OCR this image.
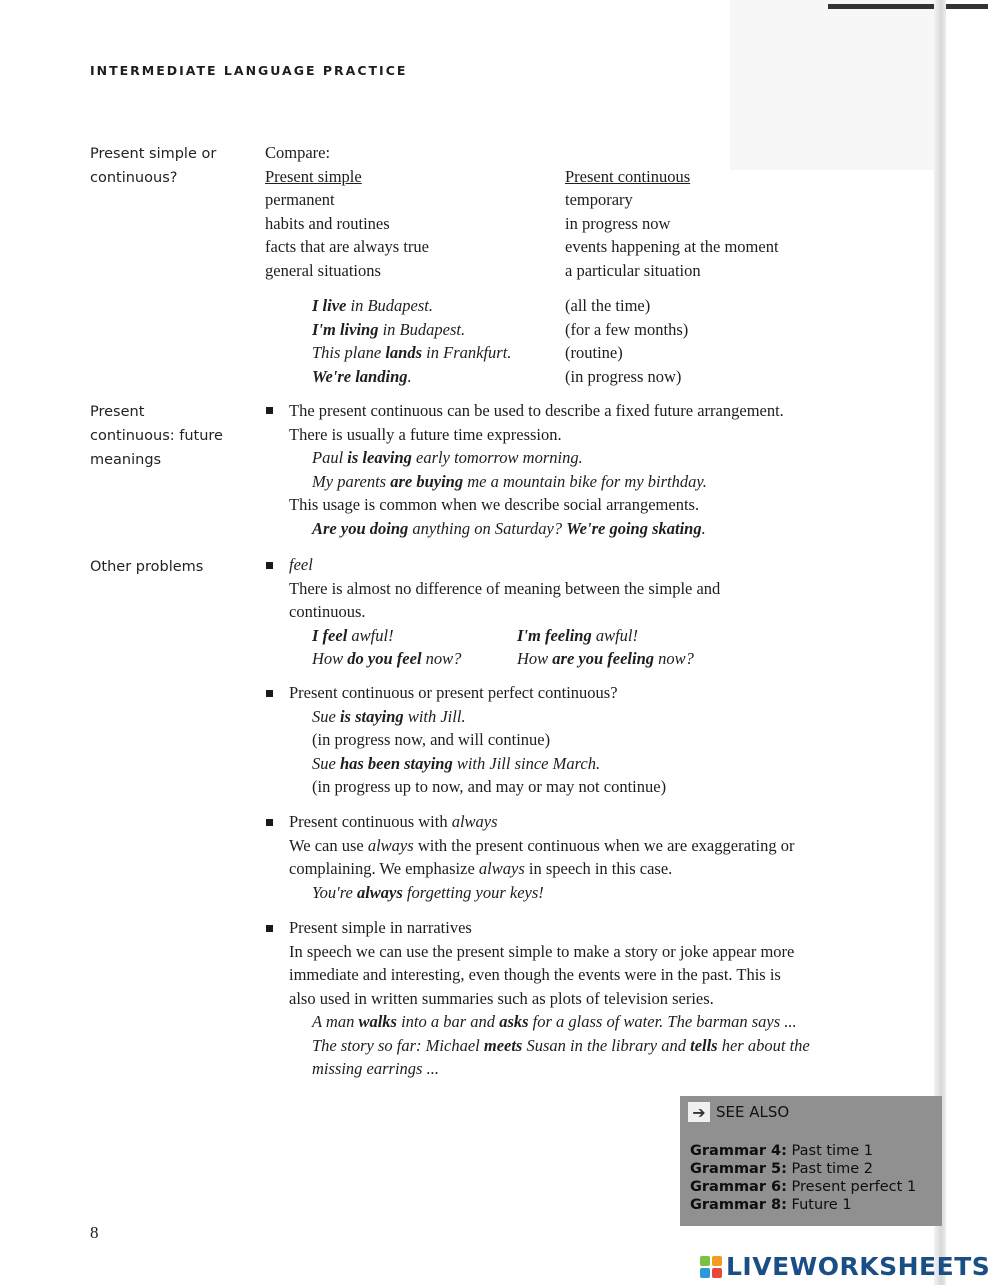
INTERMEDIATE LANGUAGE PRACTICE
Present simple or
continuous?
Compare:
Present simple
permanent
habits and routines
facts that are always true
general situations
Present continuous
temporary
in progress now
events happening at the moment
a particular situation
I live in Budapest.
I'm living in Budapest.
This plane lands in Frankfurt.
We're landing.
(all the time)
(for a few months)
(routine)
(in progress now)
Present
continuous: future
meanings
The present continuous can be used to describe a fixed future arrangement.
There is usually a future time expression.
Paul is leaving early tomorrow morning.
My parents are buying me a mountain bike for my birthday.
This usage is common when we describe social arrangements.
Are you doing anything on Saturday? We're going skating.
Other problems	feel
There is almost no difference of meaning between the simple and
continuous.
I feel awful!
How do you feel now?
I'm feeling awful!
How are you feeling now?
Present continuous or present perfect continuous?
Sue is staying with Jill.
(in progress now, and will continue)
Sue has been staying with Jill since March.
(in progress up to now, and may or may not continue)
Present continuous with always
We can use always with the present continuous when we are exaggerating or
complaining. We emphasize always in speech in this case.
You're always forgetting your keys!
Present simple in narratives
In speech we can use the present simple to make a story or joke appear more
immediate and interesting, even though the events were in the past. This is
also used in written summaries such as plots of television series.
A man walks into a bar and asks for a glass of water. The barman says ...
The story so far: Michael meets Susan in the library and tells her about the
missing earrings ...
➔ SEE ALSO
Grammar 4: Past time 1
Grammar 5: Past time 2
Grammar 6: Present perfect 1
Grammar 8: Future 1
8
LIVEWORKSHEETS
